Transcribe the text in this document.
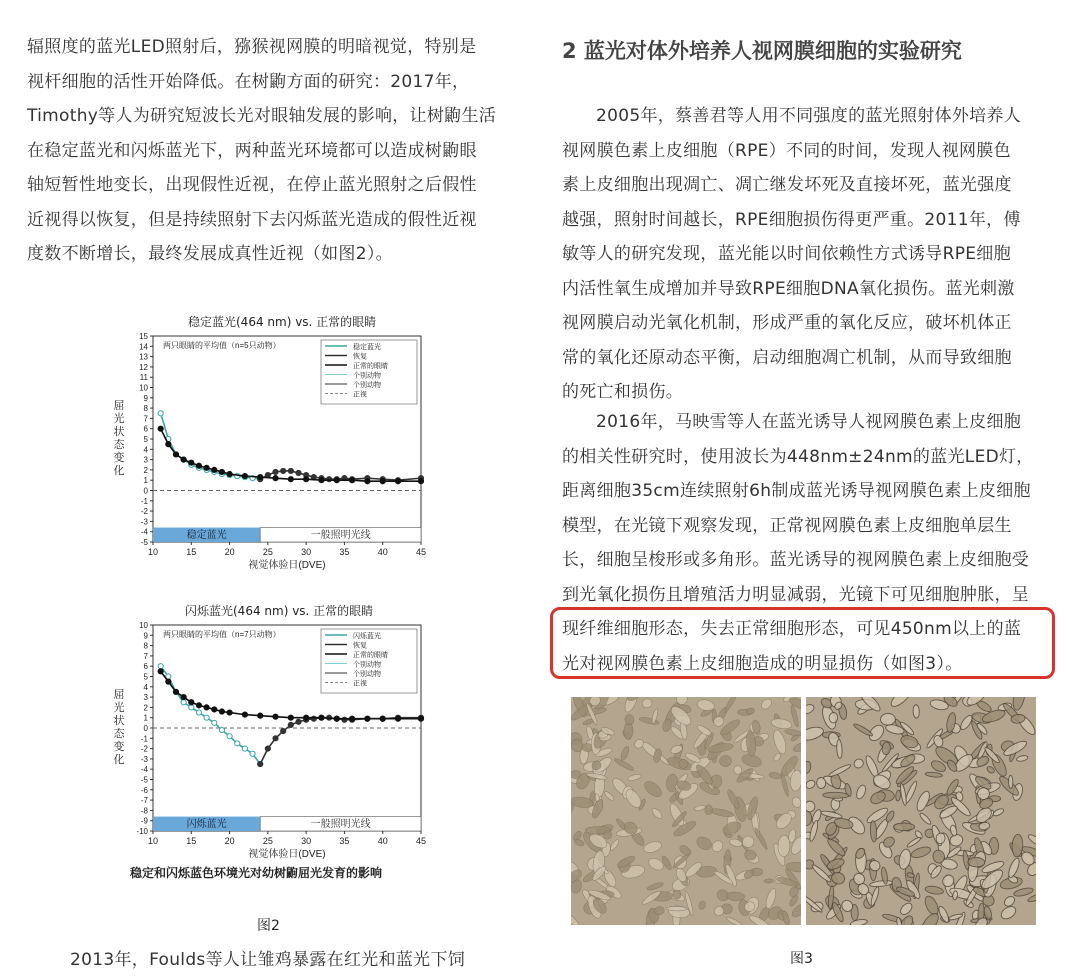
辐照度的蓝光LED照射后，猕猴视网膜的明暗视觉，特别是
视杆细胞的活性开始降低。在树鼩方面的研究：2017年，
Timothy等人为研究短波长光对眼轴发展的影响，让树鼩生活
在稳定蓝光和闪烁蓝光下，两种蓝光环境都可以造成树鼩眼
轴短暂性地变长，出现假性近视，在停止蓝光照射之后假性
近视得以恢复，但是持续照射下去闪烁蓝光造成的假性近视
度数不断增长，最终发展成真性近视（如图2）。
稳定蓝光(464 nm) vs. 正常的眼睛
稳定蓝光	一般照明光线
-5
-4
-3
-2
-1
0
1
2
3
4
5
6
7
8
9
10
11
12
13
14
15
10	15	20	25	30	35	40	45
视觉体验日(DVE)
屈
光
状
态
变
化
两只眼睛的平均值（n=5只动物）	稳定蓝光
恢复
正常的眼睛
个别动物
个别动物
正视
闪烁蓝光(464 nm) vs. 正常的眼睛
闪烁蓝光	一般照明光线
-10
-9
-8
-7
-6
-5
-4
-3
-2
-1
0
1
2
3
4
5
6
7
8
9
10
10	15	20	25	30	35	40	45
视觉体验日(DVE)
屈
光
状
态
变
化
两只眼睛的平均值（n=7只动物）	闪烁蓝光
恢复
正常的眼睛
个别动物
个别动物
正视
稳定和闪烁蓝色环境光对幼树鼩屈光发育的影响
图2
2013年，Foulds等人让雏鸡暴露在红光和蓝光下饲
2 蓝光对体外培养人视网膜细胞的实验研究
2005年，蔡善君等人用不同强度的蓝光照射体外培养人
视网膜色素上皮细胞（RPE）不同的时间，发现人视网膜色
素上皮细胞出现凋亡、凋亡继发坏死及直接坏死，蓝光强度
越强，照射时间越长，RPE细胞损伤得更严重。2011年，傅
敏等人的研究发现，蓝光能以时间依赖性方式诱导RPE细胞
内活性氧生成增加并导致RPE细胞DNA氧化损伤。蓝光刺激
视网膜启动光氧化机制，形成严重的氧化反应，破坏机体正
常的氧化还原动态平衡，启动细胞凋亡机制，从而导致细胞
的死亡和损伤。
2016年，马映雪等人在蓝光诱导人视网膜色素上皮细胞
的相关性研究时，使用波长为448nm±24nm的蓝光LED灯，
距离细胞35cm连续照射6h制成蓝光诱导视网膜色素上皮细胞
模型，在光镜下观察发现，正常视网膜色素上皮细胞单层生
长，细胞呈梭形或多角形。蓝光诱导的视网膜色素上皮细胞受
到光氧化损伤且增殖活力明显减弱，光镜下可见细胞肿胀，呈
现纤维细胞形态，失去正常细胞形态，可见450nm以上的蓝
光对视网膜色素上皮细胞造成的明显损伤（如图3）。
图3
